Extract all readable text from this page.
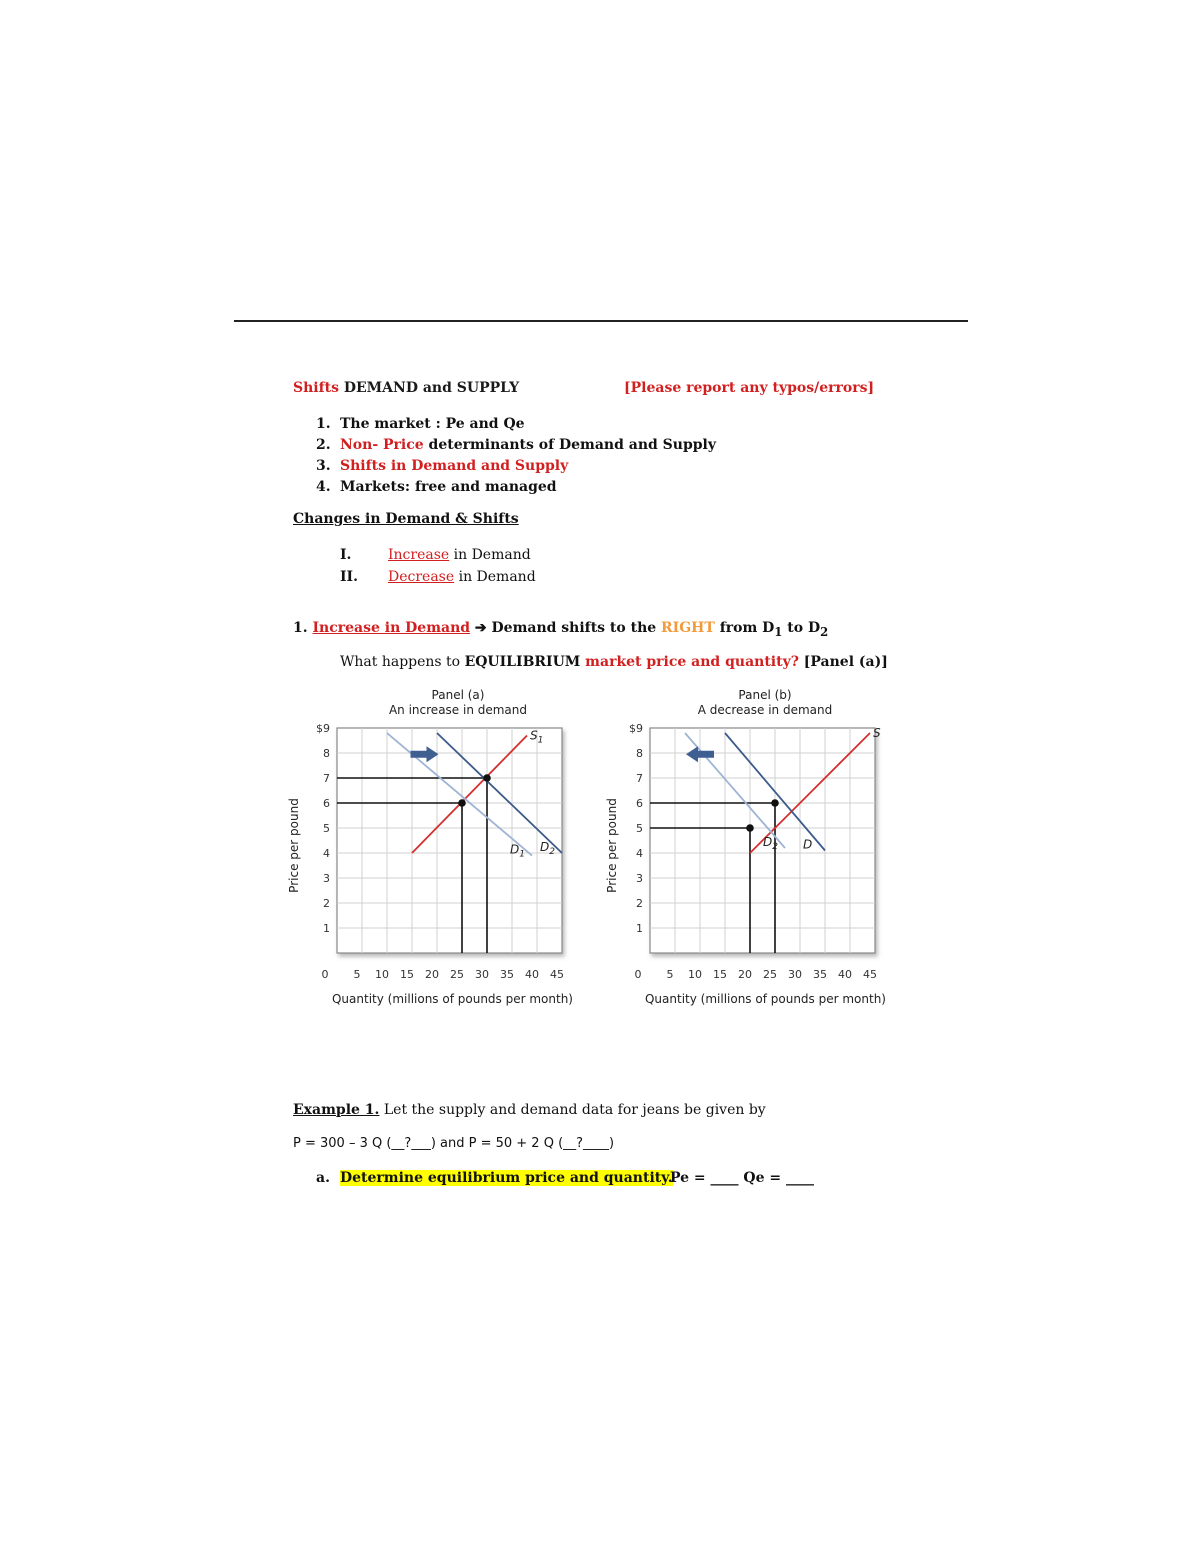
Shifts DEMAND and SUPPLY	[Please report any typos/errors]
1. The market : Pe and Qe
2. Non- Price determinants of Demand and Supply
3. Shifts in Demand and Supply
4. Markets: free and managed
Changes in Demand & Shifts
I.	Increase in Demand
II. Decrease in Demand
1. Increase in Demand ➔ Demand shifts to the RIGHT from $D_1$ to $D_2$
What happens to EQUILIBRIUM market price and quantity? [Panel (a)]
Panel (a)
An increase in demand
0 5 10 15 20 25 30 35 40 45
1
2
3
4
5
6
7
8
$9
Quantity (millions of pounds per month)
Price per pound
$S_1$
$D_1$
$D_2$
Panel (b)
A decrease in demand
0 5 10 15 20 25 30 35 40 45
1
2
3
4
5
6
7
8
$9
Quantity (millions of pounds per month)
Price per pound
S
$D_2$ D
Example 1. Let the supply and demand data for jeans be given by
P = 300 – 3 Q (__?___) and P = 50 + 2 Q (__?____)
a. Determine equilibrium price and quantity.
Pe = ____ Qe = ____
